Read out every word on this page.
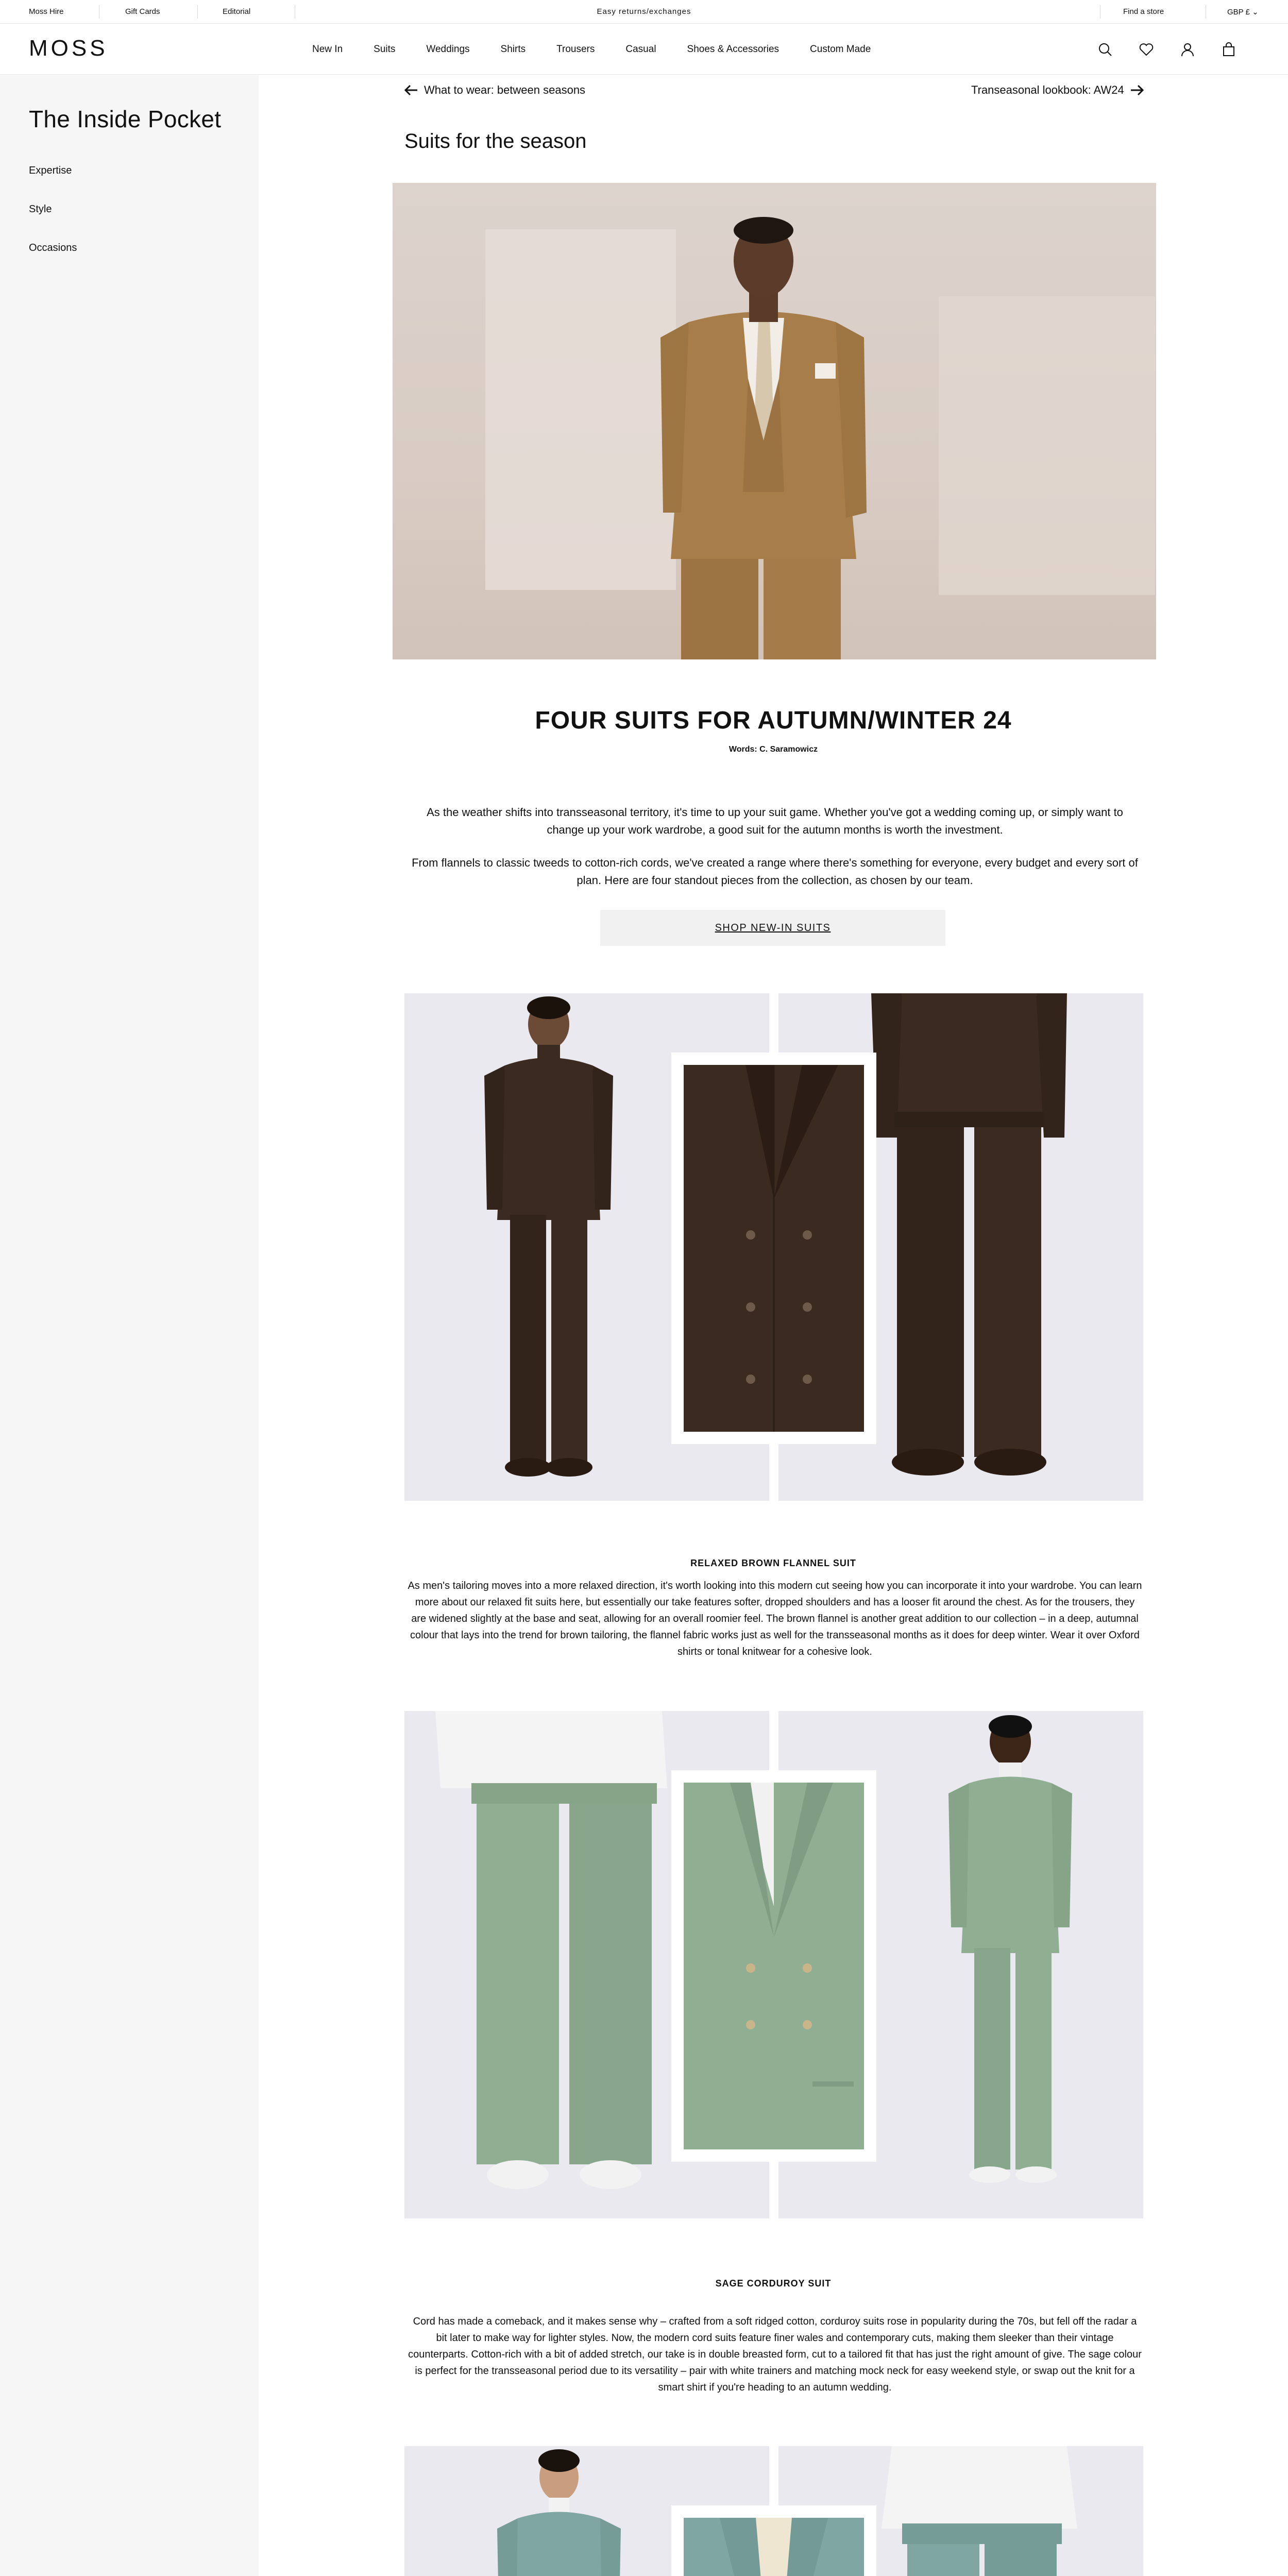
Moss Hire	Gift Cards	Editorial	Easy returns/exchanges	Find a store	GBP £ ⌄
MOSS	New In	Suits	Weddings	Shirts	Trousers	Casual	Shoes & Accessories	Custom Made
The Inside Pocket
Expertise
Style
Occasions
What to wear: between seasons	Transeasonal lookbook: AW24
Suits for the season
FOUR SUITS FOR AUTUMN/WINTER 24
Words: C. Saramowicz

As the weather shifts into transseasonal territory, it's time to up your suit game. Whether you've got a wedding coming up, or simply want to change up your work wardrobe, a good suit for the autumn months is worth the investment.

From flannels to classic tweeds to cotton-rich cords, we've created a range where there's something for everyone, every budget and every sort of plan. Here are four standout pieces from the collection, as chosen by our team.

SHOP NEW-IN SUITS
RELAXED BROWN FLANNEL SUIT

As men's tailoring moves into a more relaxed direction, it's worth looking into this modern cut seeing how you can incorporate it into your wardrobe. You can learn more about our relaxed fit suits here, but essentially our take features softer, dropped shoulders and has a looser fit around the chest. As for the trousers, they are widened slightly at the base and seat, allowing for an overall roomier feel. The brown flannel is another great addition to our collection – in a deep, autumnal colour that lays into the trend for brown tailoring, the flannel fabric works just as well for the transseasonal months as it does for deep winter. Wear it over Oxford shirts or tonal knitwear for a cohesive look.

SAGE CORDUROY SUIT

Cord has made a comeback, and it makes sense why – crafted from a soft ridged cotton, corduroy suits rose in popularity during the 70s, but fell off the radar a bit later to make way for lighter styles. Now, the modern cord suits feature finer wales and contemporary cuts, making them sleeker than their vintage counterparts. Cotton-rich with a bit of added stretch, our take is in double breasted form, cut to a tailored fit that has just the right amount of give. The sage colour is perfect for the transseasonal period due to its versatility – pair with white trainers and matching mock neck for easy weekend style, or swap out the knit for a smart shirt if you're heading to an autumn wedding.
